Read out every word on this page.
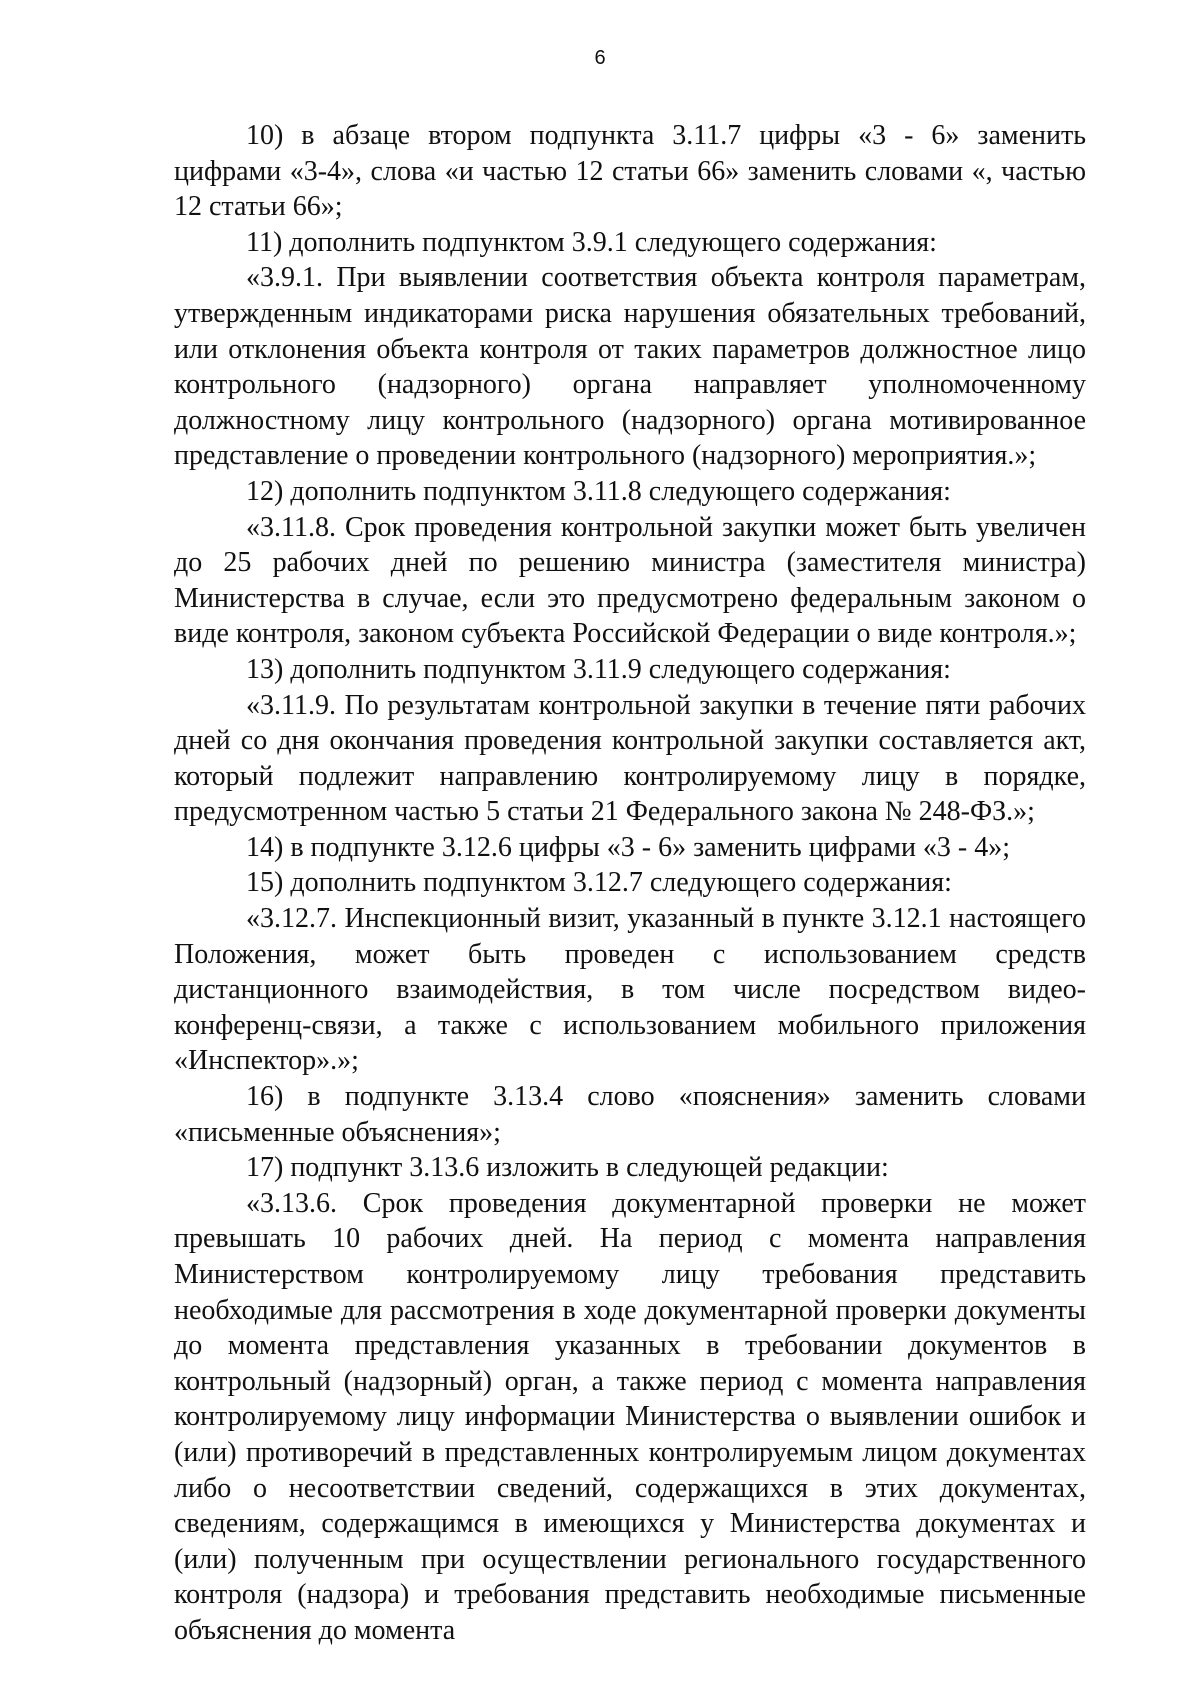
6

10) в абзаце втором подпункта 3.11.7 цифры «3 - 6» заменить цифрами «3-4», слова «и частью 12 статьи 66» заменить словами «, частью 12 статьи 66»;

11) дополнить подпунктом 3.9.1 следующего содержания:

«3.9.1. При выявлении соответствия объекта контроля параметрам, утвержденным индикаторами риска нарушения обязательных требований, или отклонения объекта контроля от таких параметров должностное лицо контрольного (надзорного) органа направляет уполномоченному должностному лицу контрольного (надзорного) органа мотивированное представление о проведении контрольного (надзорного) мероприятия.»;

12) дополнить подпунктом 3.11.8 следующего содержания:

«3.11.8. Срок проведения контрольной закупки может быть увеличен до 25 рабочих дней по решению министра (заместителя министра) Министерства в случае, если это предусмотрено федеральным законом о виде контроля, законом субъекта Российской Федерации о виде контроля.»;

13) дополнить подпунктом 3.11.9 следующего содержания:

«3.11.9. По результатам контрольной закупки в течение пяти рабочих дней со дня окончания проведения контрольной закупки составляется акт, который подлежит направлению контролируемому лицу в порядке, предусмотренном частью 5 статьи 21 Федерального закона № 248-ФЗ.»;

14) в подпункте 3.12.6 цифры «3 - 6» заменить цифрами «3 - 4»;

15) дополнить подпунктом 3.12.7 следующего содержания:

«3.12.7. Инспекционный визит, указанный в пункте 3.12.1 настоящего Положения, может быть проведен с использованием средств дистанционного взаимодействия, в том числе посредством видео-конференц-связи, а также с использованием мобильного приложения «Инспектор».»;

16) в подпункте 3.13.4 слово «пояснения» заменить словами «письменные объяснения»;

17) подпункт 3.13.6 изложить в следующей редакции:

«3.13.6. Срок проведения документарной проверки не может превышать 10 рабочих дней. На период с момента направления Министерством контролируемому лицу требования представить необходимые для рассмотрения в ходе документарной проверки документы до момента представления указанных в требовании документов в контрольный (надзорный) орган, а также период с момента направления контролируемому лицу информации Министерства о выявлении ошибок и (или) противоречий в представленных контролируемым лицом документах либо о несоответствии сведений, содержащихся в этих документах, сведениям, содержащимся в имеющихся у Министерства документах и (или) полученным при осуществлении регионального государственного контроля (надзора) и требования представить необходимые письменные объяснения до момента
